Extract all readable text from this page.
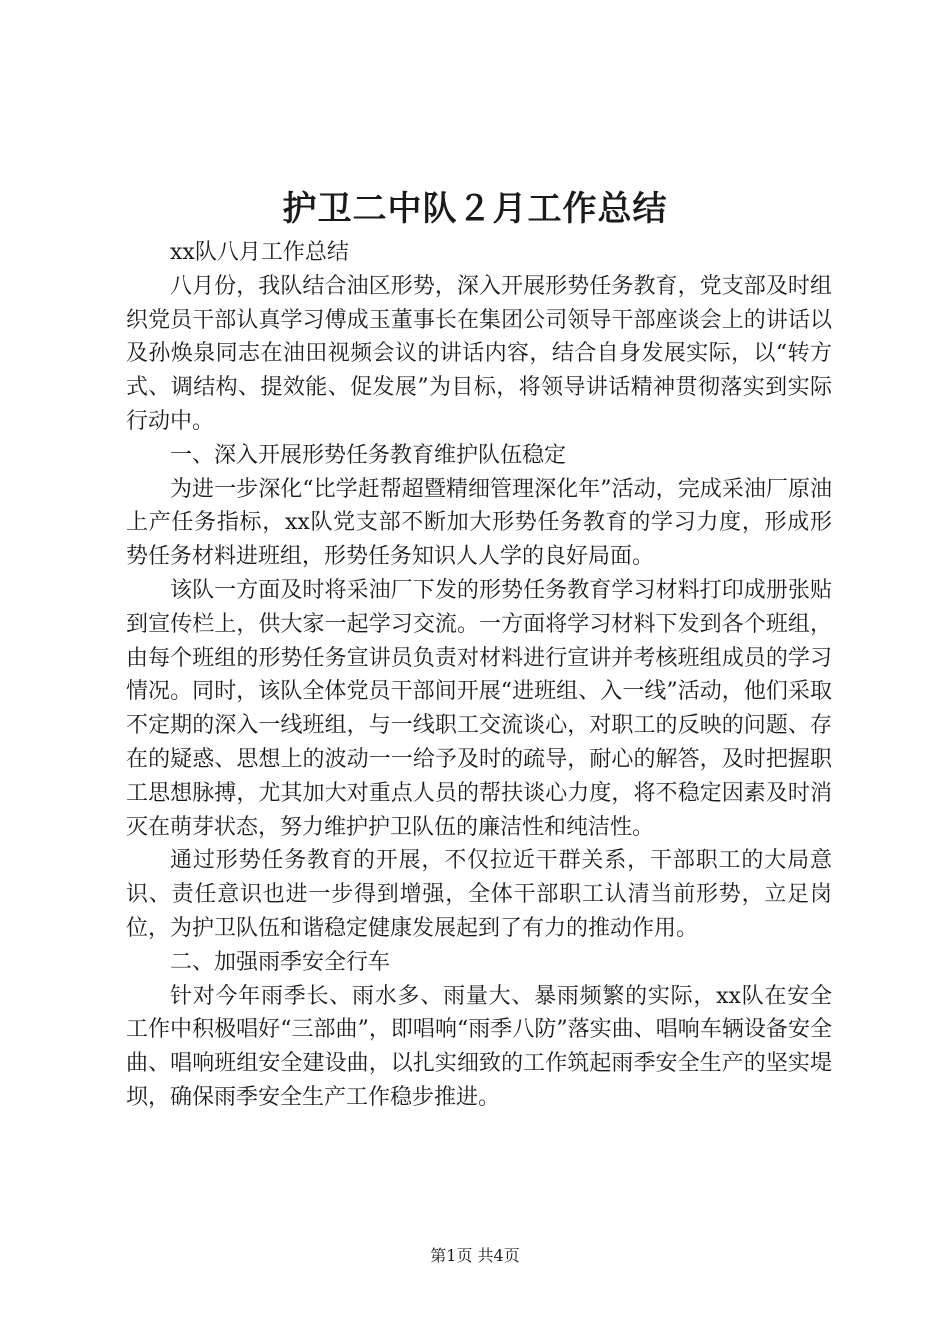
护卫二中队２月工作总结

xx队八月工作总结

八月份，我队结合油区形势，深入开展形势任务教育，党支部及时组织党员干部认真学习傅成玉董事长在集团公司领导干部座谈会上的讲话以及孙焕泉同志在油田视频会议的讲话内容，结合自身发展实际，以“转方式、调结构、提效能、促发展”为目标，将领导讲话精神贯彻落实到实际行动中。

一、深入开展形势任务教育维护队伍稳定

为进一步深化“比学赶帮超暨精细管理深化年”活动，完成采油厂原油上产任务指标，xx队党支部不断加大形势任务教育的学习力度，形成形势任务材料进班组，形势任务知识人人学的良好局面。

该队一方面及时将采油厂下发的形势任务教育学习材料打印成册张贴到宣传栏上，供大家一起学习交流。一方面将学习材料下发到各个班组，由每个班组的形势任务宣讲员负责对材料进行宣讲并考核班组成员的学习情况。同时，该队全体党员干部间开展“进班组、入一线”活动，他们采取不定期的深入一线班组，与一线职工交流谈心，对职工的反映的问题、存在的疑惑、思想上的波动一一给予及时的疏导，耐心的解答，及时把握职工思想脉搏，尤其加大对重点人员的帮扶谈心力度，将不稳定因素及时消灭在萌芽状态，努力维护护卫队伍的廉洁性和纯洁性。

通过形势任务教育的开展，不仅拉近干群关系，干部职工的大局意识、责任意识也进一步得到增强，全体干部职工认清当前形势，立足岗位，为护卫队伍和谐稳定健康发展起到了有力的推动作用。

二、加强雨季安全行车

针对今年雨季长、雨水多、雨量大、暴雨频繁的实际，xx队在安全工作中积极唱好“三部曲”，即唱响“雨季八防”落实曲、唱响车辆设备安全曲、唱响班组安全建设曲，以扎实细致的工作筑起雨季安全生产的坚实堤坝，确保雨季安全生产工作稳步推进。

第1页 共4页
